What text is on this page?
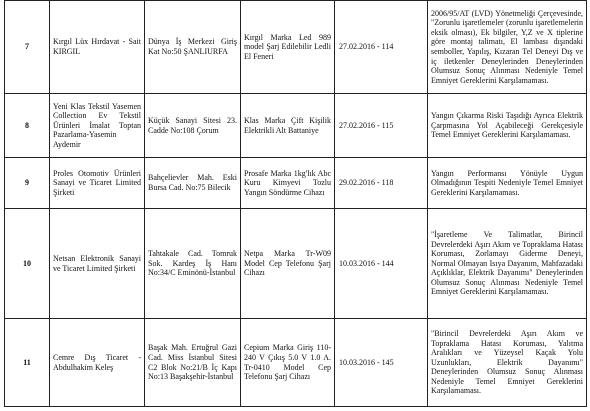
7	Kırgıl Lüx Hırdavat - Sait KIRGIL	Dünya İş Merkezi Giriş Kat No:50 ŞANLIURFA	Kırgıl Marka Led 989 model Şarj Edilebilir Ledli El Feneri	27.02.2016 - 114	2006/95/AT (LVD) Yönetmeliği Çerçevesinde, "Zorunlu işaretlemeler (zorunlu işaretlemelerin eksik olması), Ek bilgiler, Y,Z ve X tiplerine göre montaj talimatı, El lambası dışındaki semboller, Yapılış, Kızaran Tel Deneyi Dış ve iç iletkenler Deneylerinden Deneylerinden Olumsuz Sonuç Alınması Nedeniyle Temel Emniyet Gereklerini Karşılamaması.
8	Yeni Klas Tekstil Yasemen Collection Ev Tekstil Ürünleri İmalat Toptan Pazarlama-Yasemin Aydemir	Küçük Sanayi Sitesi 23. Cadde No:108 Çorum	Klas Marka Çift Kişilik Elektrikli Alt Battaniye	27.02.2016 - 115	Yangın Çıkarma Riski Taşıdığı Ayrıca Elektrik Çarpmasına Yol Açabileceği Gerekçesiyle Temel Emniyet Gereklerini Karşılamaması.
9	Proles Otomotiv Ürünleri Sanayi ve Ticaret Limited Şirketi	Bahçelievler Mah. Eski Bursa Cad. No:75 Bilecik	Prosafe Marka 1kg'lık Abc Kuru Kimyevi Tozlu Yangın Söndürme Cihazı	29.02.2016 - 118	Yangın Performansı Yönüyle Uygun Olmadığının Tespiti Nedeniyle Temel Emniyet Gereklerini Karşılamaması.
10	Netsan Elektronik Sanayi ve Ticaret Limited Şirketi	Tahtakale Cad. Tomruk Sok. Kardeş İş Hanı No:34/C Eminönü-İstanbul	Netpa Marka Tr-W09 Model Cep Telefonu Şarj Cihazı	10.03.2016 - 144	"İşaretleme Ve Talimatlar, Birincil Devrelerdeki Aşırı Akım ve Topraklama Hatası Koruması, Zorlamayı Giderme Deneyi, Normal Olmayan Isıya Dayanım, Mahfazadaki Açıklıklar, Elektrik Dayanımı" Deneylerinden Olumsuz Sonuç Alınması Nedeniyle Temel Emniyet Gereklerini Karşılamaması.
11	Cemre Dış Ticaret - Abdulhakim Keleş	Başak Mah. Ertuğrul Gazi Cad. Miss İstanbul Sitesi C2 Blok No:21/B İç Kapı No:13 Başakşehir-İstanbul	Cepium Marka Giriş 110-240 V Çıkış 5.0 V 1.0 A. Tr-0410 Model Cep Telefonu Şarj Cihazı	10.03.2016 - 145	"Birincil Devrelerdeki Aşırı Akım ve Topraklama Hatası Koruması, Yalıtma Aralıkları ve Yüzeysel Kaçak Yolu Uzunlukları, Elektrik Dayanımı" Deneylerinden Olumsuz Sonuç Alınması Nedeniyle Temel Emniyet Gereklerini Karşılamaması.
